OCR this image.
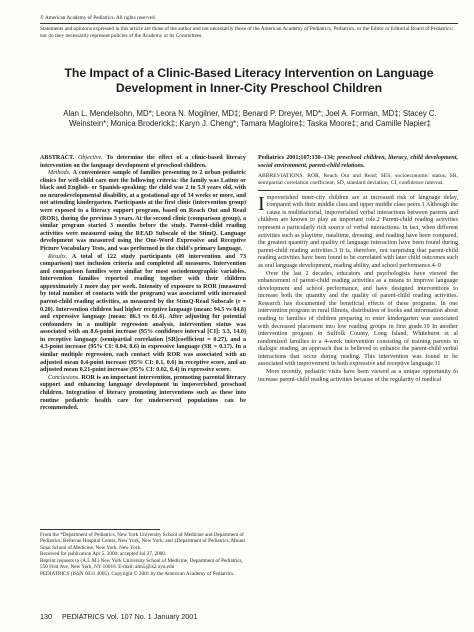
© American Academy of Pediatrics. All rights reserved.
Statements and opinions expressed in this article are those of the author and not necessarily those of the American Academy of Pediatrics, Pediatrics, or the Editor or Editorial Board of Pediatrics; nor do they necessarily represent policies of the Academy or its Committees.
The Impact of a Clinic-Based Literacy Intervention on Language Development in Inner-City Preschool Children
Alan L. Mendelsohn, MD*; Leora N. Mogilner, MD‡; Benard P. Dreyer, MD*; Joel A. Forman, MD‡; Stacey C. Weinstein*; Monica Broderick‡; Karyn J. Cheng*; Tamara Magloire‡; Taska Moore‡; and Camille Napier‡

ABSTRACT. Objective. To determine the effect of a clinic-based literacy intervention on the language development of preschool children.

Methods. A convenience sample of families presenting to 2 urban pediatric clinics for well-child care met the following criteria: the family was Latino or black and English- or Spanish-speaking; the child was 2 to 5.9 years old, with no neurodevelopmental disability, at a gestational age of 34 weeks or more, and not attending kindergarten. Participants at the first clinic (intervention group) were exposed to a literacy support program, based on Reach Out and Read (ROR), during the previous 3 years. At the second clinic (comparison group), a similar program started 3 months before the study. Parent-child reading activities were measured using the READ Subscale of the StimQ. Language development was measured using the One-Word Expressive and Receptive Picture Vocabulary Tests, and was performed in the child's primary language.

Results. A total of 122 study participants (49 intervention and 73 comparison) met inclusion criteria and completed all measures. Intervention and comparison families were similar for most sociodemographic variables. Intervention families reported reading together with their children approximately 1 more day per week. Intensity of exposure to ROR (measured by total number of contacts with the program) was associated with increased parent-child reading activities, as measured by the StimQ-Read Subscale (r = 0.20). Intervention children had higher receptive language (mean: 94.5 vs 84.8) and expressive language (mean: 86.3 vs 81.6). After adjusting for potential confounders in a multiple regression analysis, intervention status was associated with an 8.6-point increase (95% confidence interval [CI]: 3.3, 14.0) in receptive language (semipartial correlation [SR]coefficient = 0.27), and a 4.3-point increase (95% CI: 0.04, 8.6) in expressive language (SR = 0.17). In a similar multiple regression, each contact with ROR was associated with an adjusted mean 0.4-point increase (95% CI: 0.1, 0.6) in receptive score, and an adjusted mean 0.21-point increase (95% CI: 0.02, 0.4) in expressive score.

Conclusions. ROR is an important intervention, promoting parental literacy support and enhancing language development in impoverished preschool children. Integration of literacy promoting interventions such as these into routine pediatric health care for underserved populations can be recommended.

From the *Department of Pediatrics, New York University School of Medicine and Department of Pediatrics, Bellevue Hospital Center, New York, New York; and ‡Department of Pediatrics, Mount Sinai School of Medicine, New York, New York.

Received for publication Apr 5, 2000; accepted Jul 27, 2000.

Reprint requests to (A.L.M.) New York University School of Medicine, Department of Pediatrics, 550 First Ave, New York, NY 10016. E-mail: alm5@is2.nyu.edu

PEDIATRICS (ISSN 0031 4005). Copyright © 2001 by the American Academy of Pediatrics.

Pediatrics 2001;107:130–134; preschool children, literacy, child development, social environment, parent-child relations.

ABBREVIATIONS. ROR, Reach Out and Read; SES, socioeconomic status; SR, semipartial correlation coefficient; SD, standard deviation; CI, confidence interval.

I mpoverished inner-city children are at increased risk of language delay, compared with their middle class and upper middle class peers.1 Although the cause is multifactorial, impoverished verbal interactions between parents and children are known to play an important role.2 Parent-child reading activities represent a particularly rich source of verbal interactions. In fact, when different activities such as playtime, mealtime, dressing, and reading have been compared, the greatest quantity and quality of language interaction have been found during parent-child reading activities.3 It is, therefore, not surprising that parent-child reading activities have been found to be correlated with later child outcomes such as oral language development, reading ability, and school performance.4–9

Over the last 2 decades, educators and psychologists have viewed the enhancement of parent-child reading activities as a means to improve language development and school performance, and have designed interventions to increase both the quantity and the quality of parent-child reading activities. Research has documented the beneficial effects of these programs. In one intervention program in rural Illinois, distribution of books and information about reading to families of children preparing to enter kindergarten was associated with decreased placement into low reading groups in first grade.10 In another intervention program in Suffolk County, Long Island, Whitehurst et al randomized families to a 4-week intervention consisting of training parents in dialogic reading, an approach that is believed to enhance the parent-child verbal interactions that occur during reading. This intervention was found to be associated with improvement in both expressive and receptive language.11

More recently, pediatric visits have been viewed as a unique opportunity to increase parent-child reading activities because of the regularity of medical

130 PEDIATRICS Vol. 107 No. 1 January 2001
